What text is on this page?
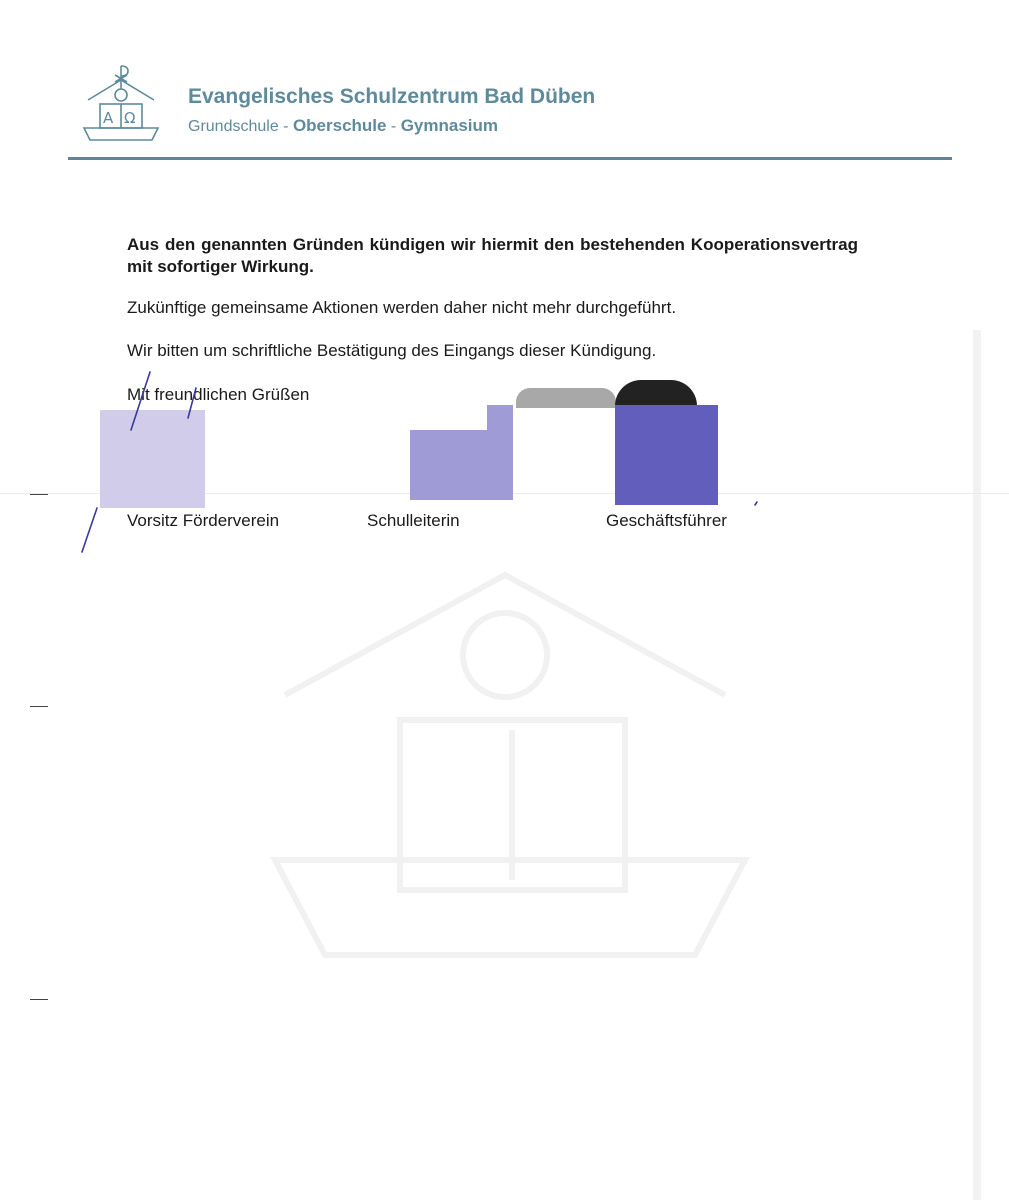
A Ω
Evangelisches Schulzentrum Bad Düben
Grundschule - Oberschule - Gymnasium
Aus den genannten Gründen kündigen wir hiermit den bestehenden Kooperationsvertrag mit sofortiger Wirkung.
Zukünftige gemeinsame Aktionen werden daher nicht mehr durchgeführt.
Wir bitten um schriftliche Bestätigung des Eingangs dieser Kündigung.
Mit freundlichen Grüßen
Vorsitz Förderverein	Schulleiterin	Geschäftsführer
